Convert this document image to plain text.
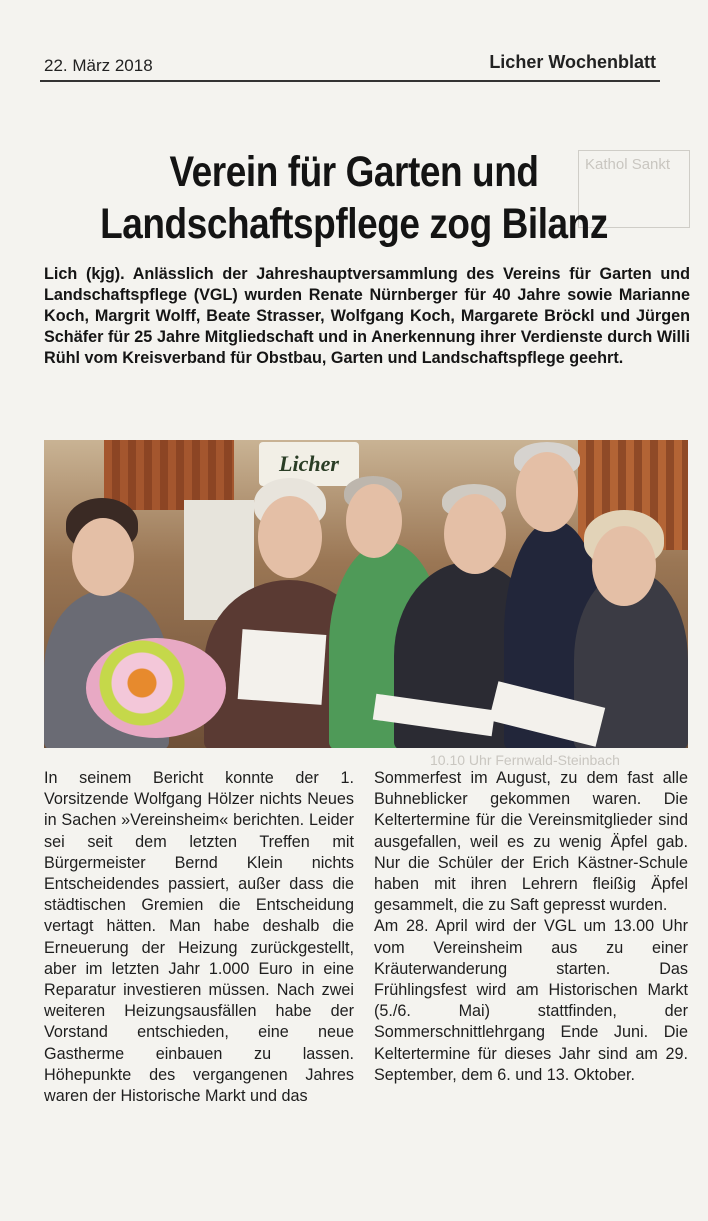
22. März 2018	Licher Wochenblatt
Kathol Sankt
Verein für Garten und
Landschaftspflege zog Bilanz
Lich (kjg). Anlässlich der Jahreshauptversammlung des Vereins für Garten und Landschaftspflege (VGL) wurden Renate Nürnberger für 40 Jahre sowie Marianne Koch, Margrit Wolff, Beate Strasser, Wolfgang Koch, Margarete Bröckl und Jürgen Schäfer für 25 Jahre Mitgliedschaft und in Anerkennung ihrer Verdienste durch Willi Rühl vom Kreisverband für Obstbau, Garten und Landschaftspflege geehrt.
Licher
10.10 Uhr Fernwald-Steinbach

In seinem Bericht konnte der 1. Vorsitzende Wolfgang Hölzer nichts Neues in Sachen »Vereinsheim« berichten. Leider sei seit dem letzten Treffen mit Bürgermeister Bernd Klein nichts Entscheidendes passiert, außer dass die städtischen Gremien die Entscheidung vertagt hätten. Man habe deshalb die Erneuerung der Heizung zurückgestellt, aber im letzten Jahr 1.000 Euro in eine Reparatur investieren müssen. Nach zwei weiteren Heizungsausfällen habe der Vorstand entschieden, eine neue Gastherme einbauen zu lassen. Höhepunkte des vergangenen Jahres waren der Historische Markt und das

Sommerfest im August, zu dem fast alle Buhneblicker gekommen waren. Die Keltertermine für die Vereinsmitglieder sind ausgefallen, weil es zu wenig Äpfel gab. Nur die Schüler der Erich Kästner-Schule haben mit ihren Lehrern fleißig Äpfel gesammelt, die zu Saft gepresst wurden.

Am 28. April wird der VGL um 13.00 Uhr vom Vereinsheim aus zu einer Kräuterwanderung starten. Das Frühlingsfest wird am Historischen Markt (5./6. Mai) stattfinden, der Sommerschnittlehrgang Ende Juni. Die Keltertermine für dieses Jahr sind am 29. September, dem 6. und 13. Oktober.
